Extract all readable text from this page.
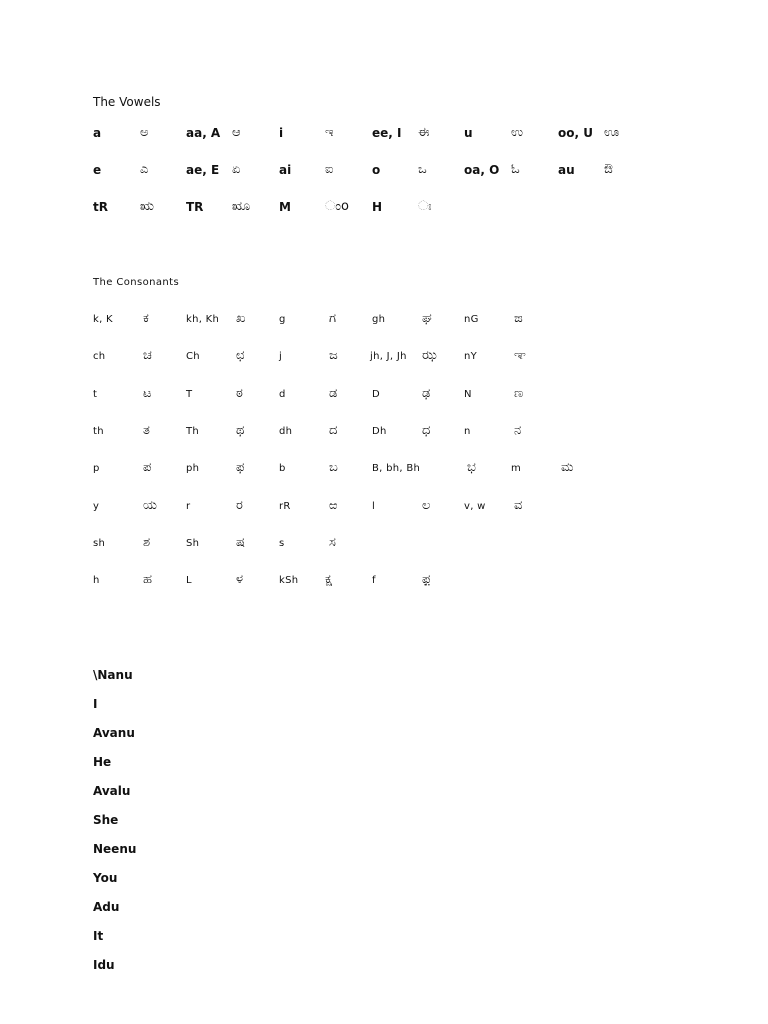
The Vowels
a	ಅ	aa, A ಆ	i	ಇ	ee, I ಈ	u	ಉ	oo, U ಊ
e	ಎ	ae, E ಏ	ai	ಐ	o	ಒ	oa, O ಓ	au ಔ
tR ಋ	TR ೠ M	ಂo H	ಃ
The Consonants
k, K ಕ	kh, Kh ಖ	g	ಗ	gh	ಘ	nG	ಙ
ch	ಚ	Ch	ಛ	j	ಜ	jh, J, Jh ಝ	nY	ಞ
t	ಟ	T	ಠ	d	ಡ	D	ಢ	N	ಣ
th	ತ	Th	ಥ	dh	ದ	Dh	ಧ	n	ನ
p	ಪ	ph	ಫ	b	ಬ	B, bh, Bh	ಭ	m	ಮ
y	ಯ	r	ರ	rR	ಱ	l	ಲ	v, w ವ
sh	ಶ	Sh	ಷ	s	ಸ
h	ಹ	L	ಳ	kSh ಕ್ಷ	f	ಫ಼
\Nanu
I
Avanu
He
Avalu
She
Neenu
You
Adu
It
Idu
